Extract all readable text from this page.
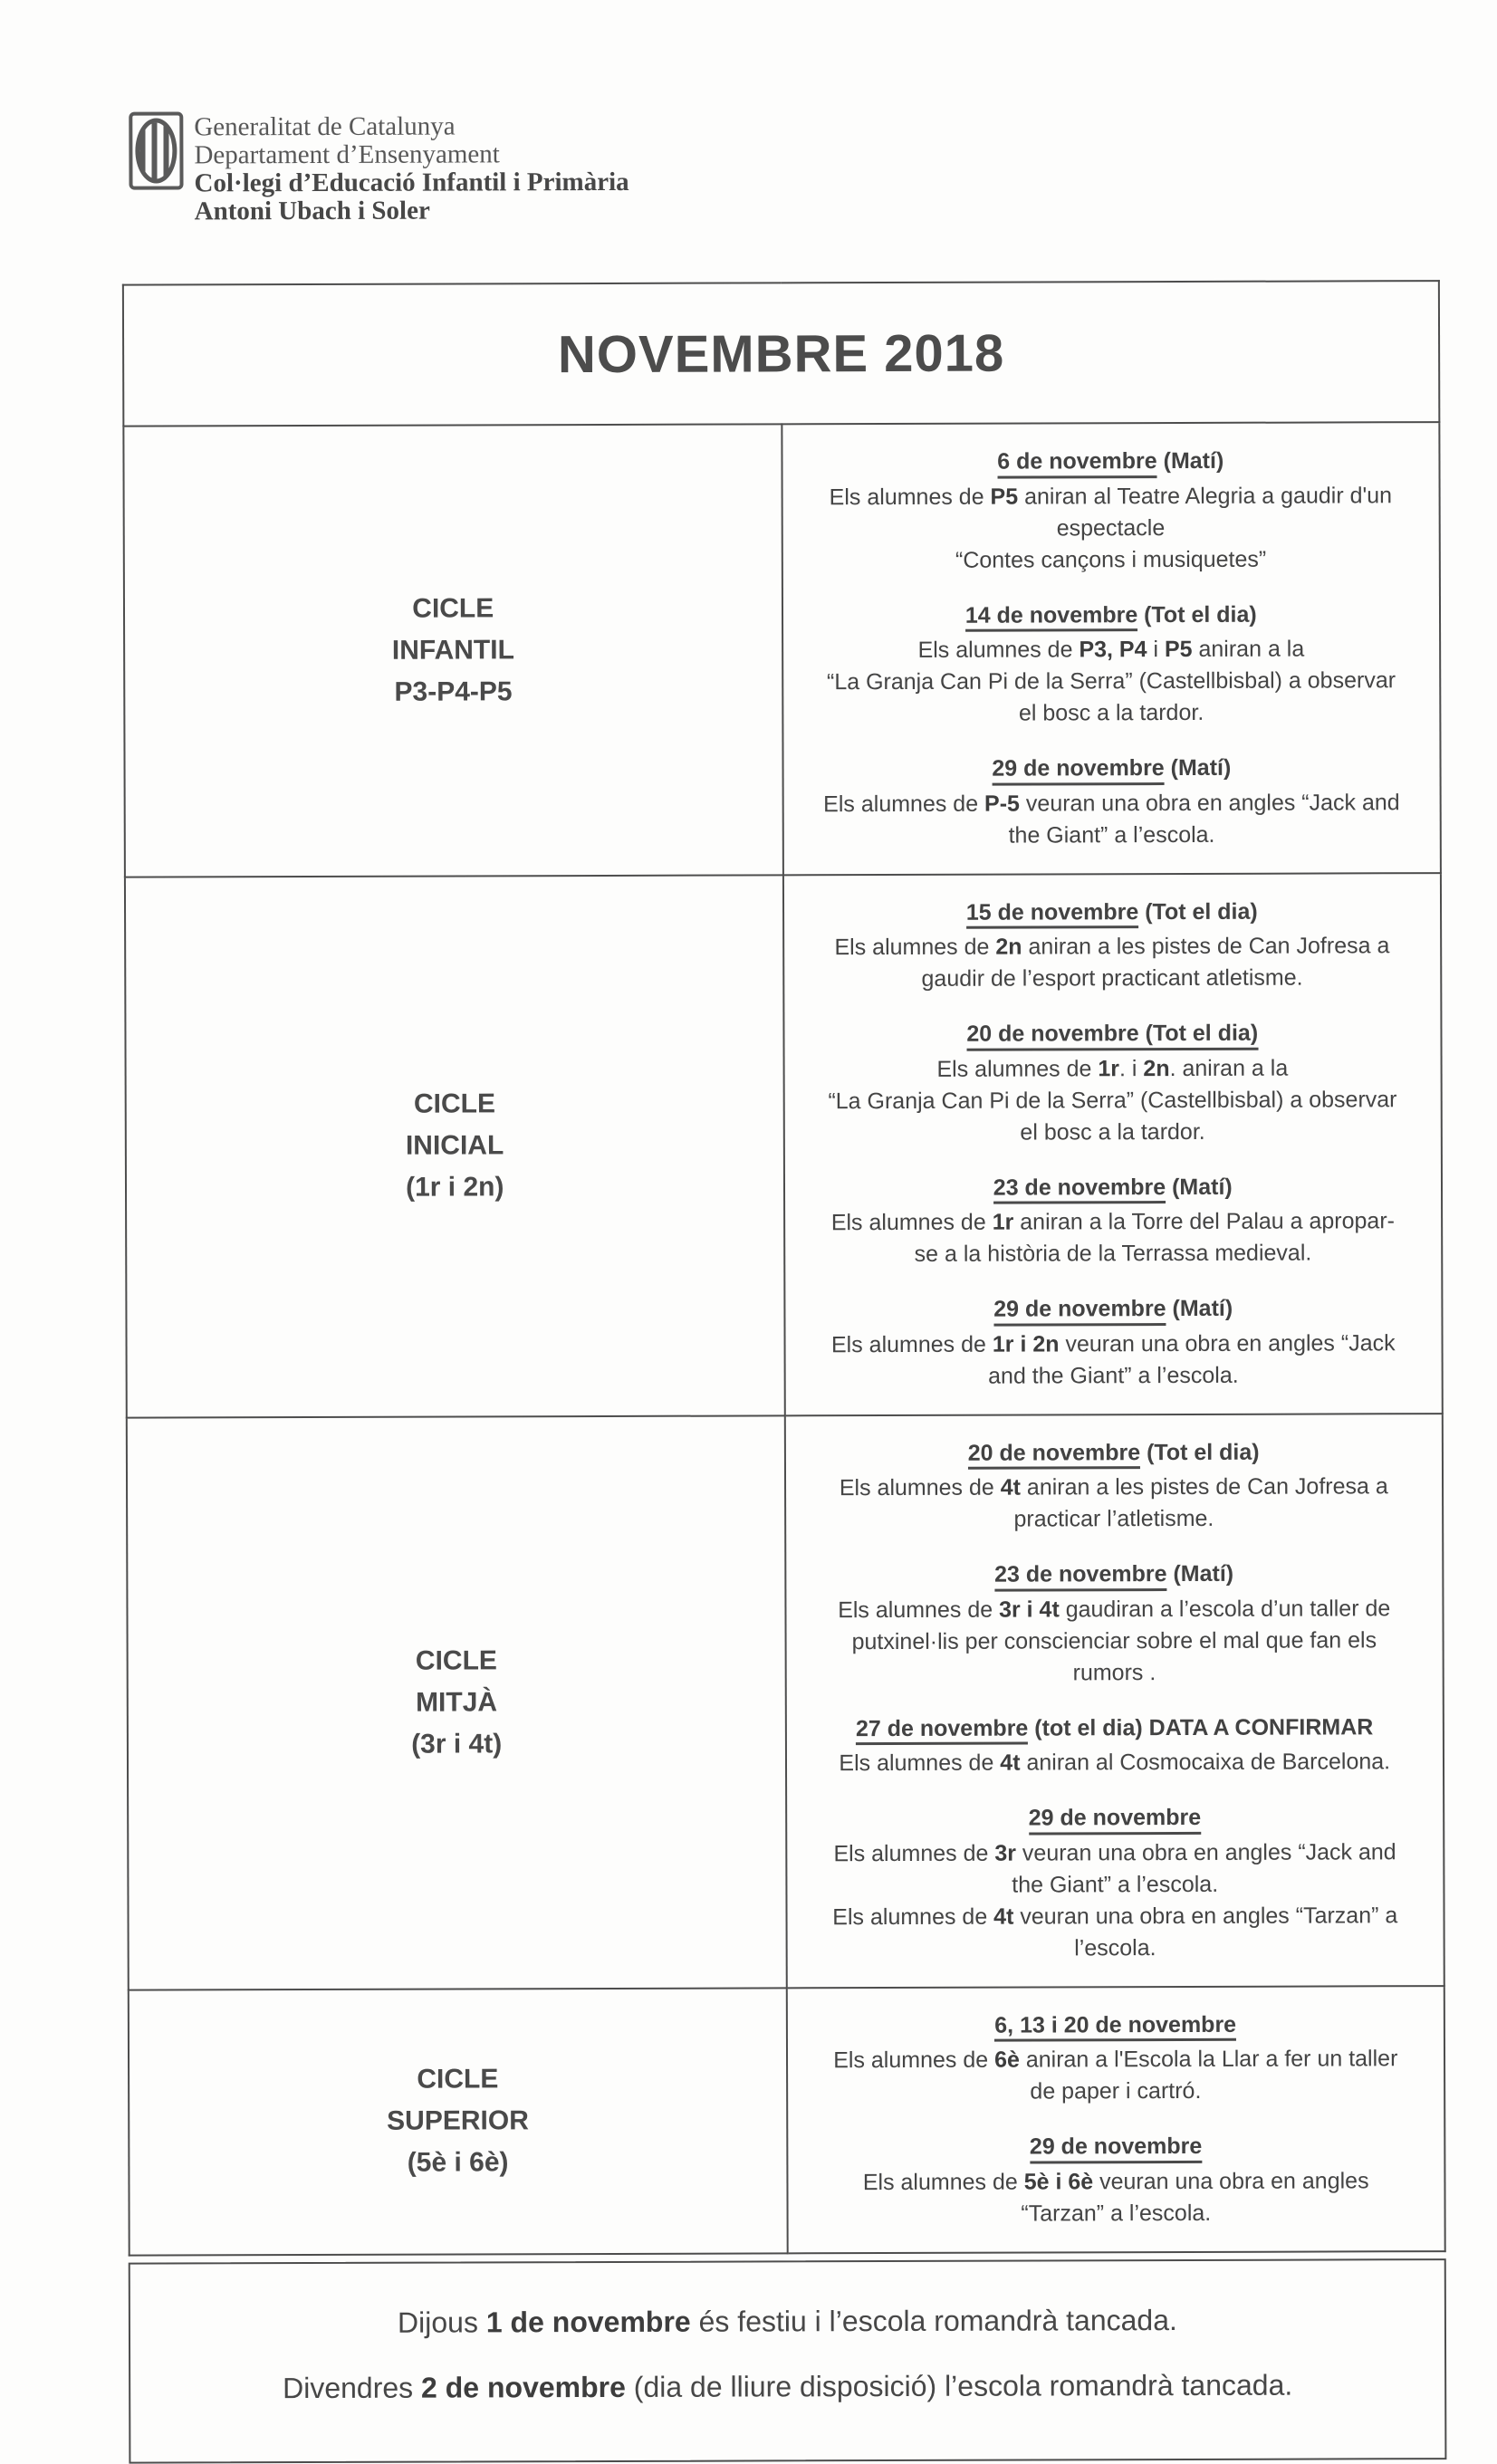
Generalitat de Catalunya
Departament d’Ensenyament
Col·legi d’Educació Infantil i Primària
Antoni Ubach i Soler
NOVEMBRE 2018	

CICLE
INFANTIL
P3-P4-P5

6 de novembre (Matí)

Els alumnes de P5 aniran al Teatre Alegria a gaudir d'un espectacle

“Contes cançons i musiquetes”

14 de novembre (Tot el dia)

Els alumnes de P3, P4 i P5 aniran a la

“La Granja Can Pi de la Serra” (Castellbisbal) a observar el bosc a la tardor.

29 de novembre (Matí)

Els alumnes de P-5 veuran una obra en angles “Jack and the Giant” a l’escola.

CICLE
INICIAL
(1r i 2n)

15 de novembre (Tot el dia)

Els alumnes de 2n aniran a les pistes de Can Jofresa a gaudir de l’esport practicant atletisme.

20 de novembre (Tot el dia)

Els alumnes de 1r. i 2n. aniran a la

“La Granja Can Pi de la Serra” (Castellbisbal) a observar el bosc a la tardor.

23 de novembre (Matí)

Els alumnes de 1r aniran a la Torre del Palau a apropar-se a la història de la Terrassa medieval.

29 de novembre (Matí)

Els alumnes de 1r i 2n veuran una obra en angles “Jack and the Giant” a l’escola.

CICLE
MITJÀ
(3r i 4t)

20 de novembre (Tot el dia)

Els alumnes de 4t aniran a les pistes de Can Jofresa a practicar l’atletisme.

23 de novembre (Matí)

Els alumnes de 3r i 4t gaudiran a l’escola d’un taller de putxinel·lis per conscienciar sobre el mal que fan els rumors .

27 de novembre (tot el dia) DATA A CONFIRMAR

Els alumnes de 4t aniran al Cosmocaixa de Barcelona.

29 de novembre

Els alumnes de 3r veuran una obra en angles “Jack and the Giant” a l’escola.

Els alumnes de 4t veuran una obra en angles “Tarzan” a l’escola.

CICLE
SUPERIOR
(5è i 6è)

6, 13 i 20 de novembre

Els alumnes de 6è aniran a l'Escola la Llar a fer un taller de paper i cartró.

29 de novembre

Els alumnes de 5è i 6è veuran una obra en angles “Tarzan” a l’escola.

Dijous 1 de novembre és festiu i l’escola romandrà tancada.

Divendres 2 de novembre (dia de lliure disposició) l’escola romandrà tancada.
